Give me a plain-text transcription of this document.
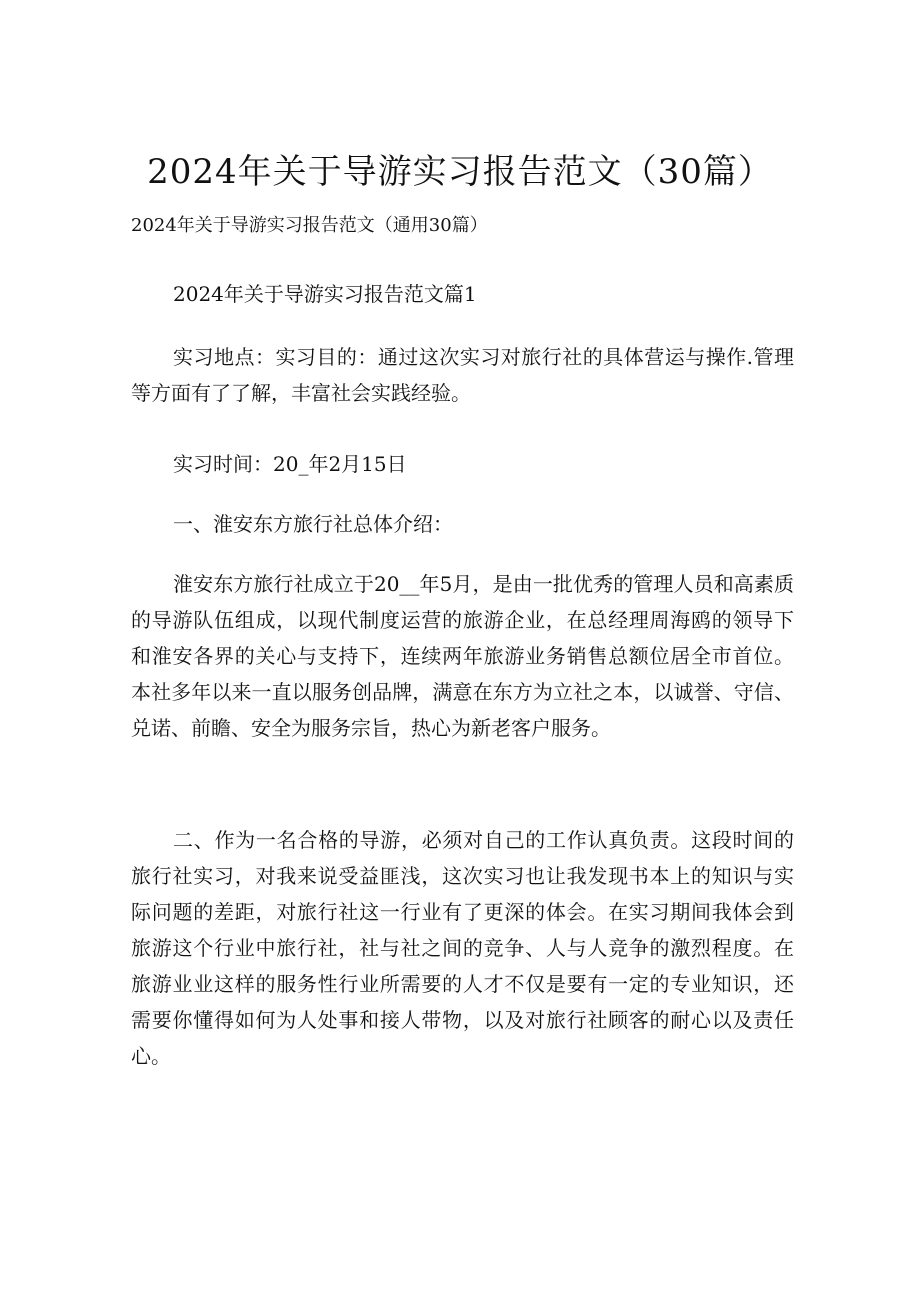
2024年关于导游实习报告范文（30篇）
2024年关于导游实习报告范文（通用30篇）
2024年关于导游实习报告范文篇1
实习地点：实习目的：通过这次实习对旅行社的具体营运与操作.管理
等方面有了了解，丰富社会实践经验。
实习时间：20_年2月15日
一、淮安东方旅行社总体介绍：
淮安东方旅行社成立于20__年5月，是由一批优秀的管理人员和高素质
的导游队伍组成，以现代制度运营的旅游企业，在总经理周海鸥的领导下
和淮安各界的关心与支持下，连续两年旅游业务销售总额位居全市首位。
本社多年以来一直以服务创品牌，满意在东方为立社之本，以诚誉、守信、
兑诺、前瞻、安全为服务宗旨，热心为新老客户服务。
二、作为一名合格的导游，必须对自己的工作认真负责。这段时间的
旅行社实习，对我来说受益匪浅，这次实习也让我发现书本上的知识与实
际问题的差距，对旅行社这一行业有了更深的体会。在实习期间我体会到
旅游这个行业中旅行社，社与社之间的竞争、人与人竞争的激烈程度。在
旅游业业这样的服务性行业所需要的人才不仅是要有一定的专业知识，还
需要你懂得如何为人处事和接人带物，以及对旅行社顾客的耐心以及责任
心。
